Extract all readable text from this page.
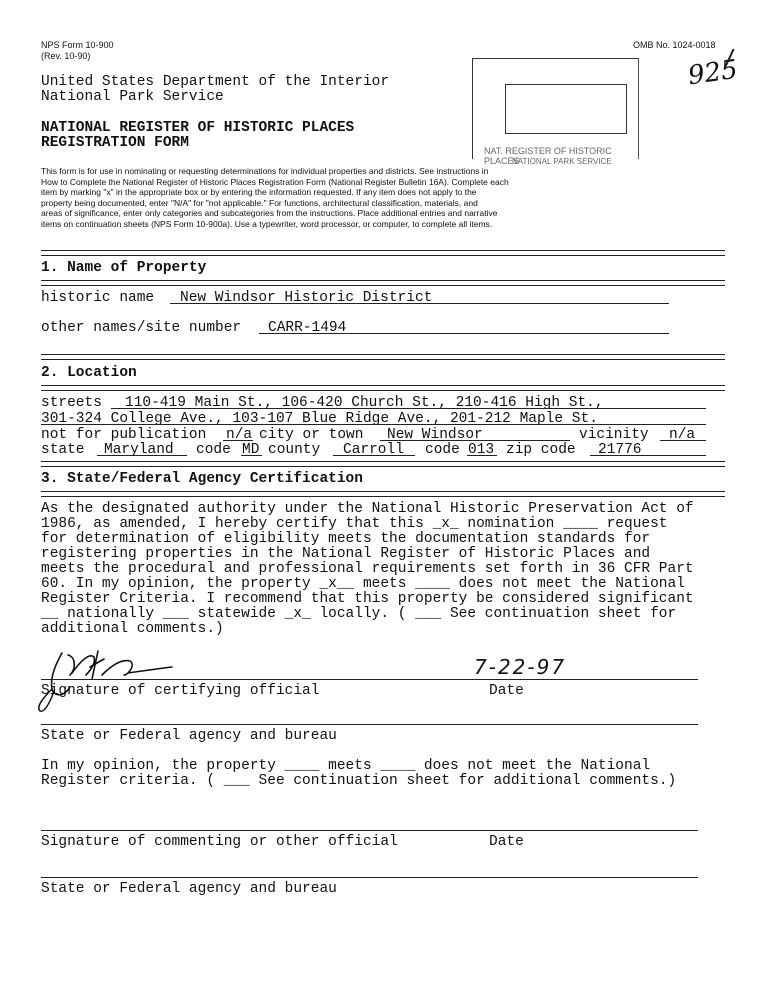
NPS Form 10-900

(Rev. 10-90)

OMB No. 1024-0018

925

United States Department of the Interior

National Park Service

NATIONAL REGISTER OF HISTORIC PLACES

REGISTRATION FORM	NAT. REGISTER OF HISTORIC PLACES
NATIONAL PARK SERVICE
This form is for use in nominating or requesting determinations for individual properties and districts. See instructions in
How to Complete the National Register of Historic Places Registration Form (National Register Bulletin 16A). Complete each
item by marking "x" in the appropriate box or by entering the information requested. If any item does not apply to the
property being documented, enter "N/A" for "not applicable." For functions, architectural classification, materials, and
areas of significance, enter only categories and subcategories from the instructions. Place additional entries and narrative
items on continuation sheets (NPS Form 10-900a). Use a typewriter, word processor, or computer, to complete all items.

1. Name of Property

historic name New Windsor Historic District

other names/site number CARR-1494

2. Location

streets 110-419 Main St., 106-420 Church St., 210-416 High St.,

301-324 College Ave., 103-107 Blue Ridge Ave., 201-212 Maple St.

not for publication n/a city or town New Windsor	vicinity n/a

state Maryland code MD county Carroll code 013 zip code 21776

3. State/Federal Agency Certification

As the designated authority under the National Historic Preservation Act of
1986, as amended, I hereby certify that this _x_ nomination ____ request
for determination of eligibility meets the documentation standards for
registering properties in the National Register of Historic Places and
meets the procedural and professional requirements set forth in 36 CFR Part
60. In my opinion, the property _x__ meets ____ does not meet the National
Register Criteria. I recommend that this property be considered significant
__ nationally ___ statewide _x_ locally. ( ___ See continuation sheet for
additional comments.)

7-22-97

Signature of certifying official	Date

State or Federal agency and bureau

In my opinion, the property ____ meets ____ does not meet the National
Register criteria. ( ___ See continuation sheet for additional comments.)

Signature of commenting or other official	Date

State or Federal agency and bureau
